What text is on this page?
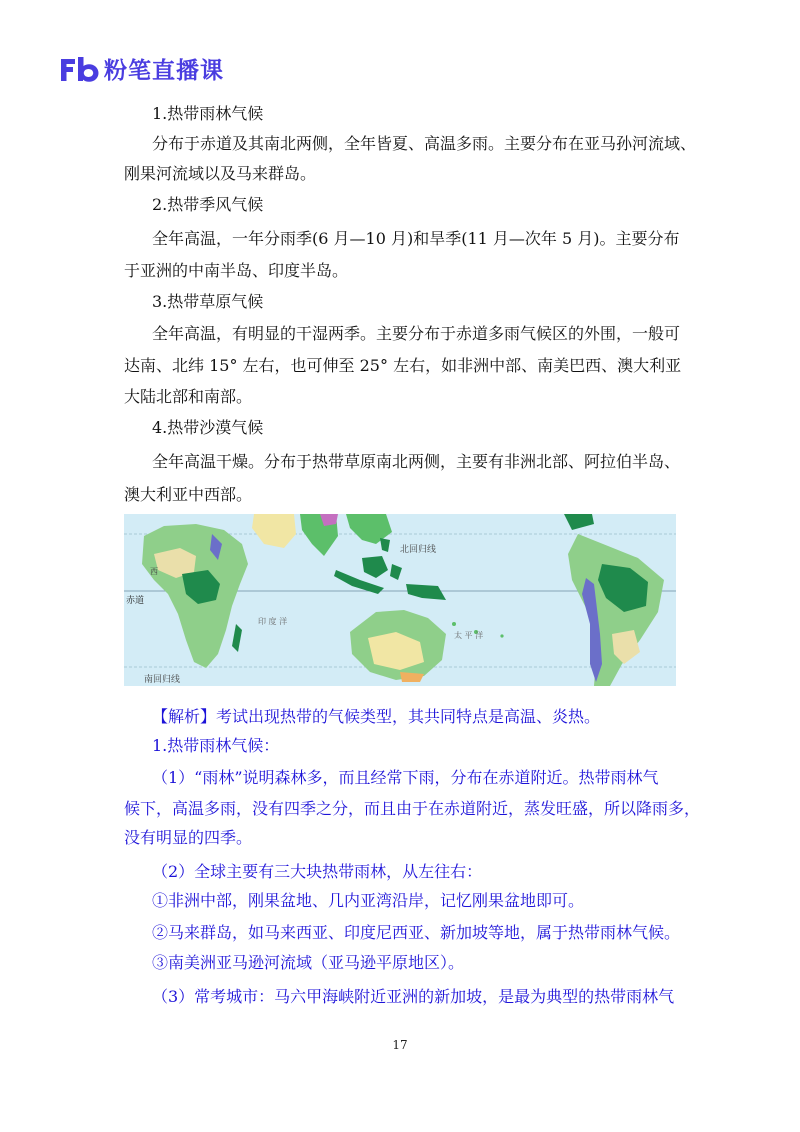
粉笔直播课
1.热带雨林气候
分布于赤道及其南北两侧，全年皆夏、高温多雨。主要分布在亚马孙河流域、
刚果河流域以及马来群岛。
2.热带季风气候
全年高温，一年分雨季(6 月—10 月)和旱季(11 月—次年 5 月)。主要分布
于亚洲的中南半岛、印度半岛。
3.热带草原气候
全年高温，有明显的干湿两季。主要分布于赤道多雨气候区的外围，一般可
达南、北纬 15° 左右，也可伸至 25° 左右，如非洲中部、南美巴西、澳大利亚
大陆北部和南部。
4.热带沙漠气候
全年高温干燥。分布于热带草原南北两侧，主要有非洲北部、阿拉伯半岛、
澳大利亚中西部。
北回归线
赤道
南回归线
印 度 洋
太 平 洋
西
【解析】考试出现热带的气候类型，其共同特点是高温、炎热。
1.热带雨林气候：
（1）“雨林”说明森林多，而且经常下雨，分布在赤道附近。热带雨林气
候下，高温多雨，没有四季之分，而且由于在赤道附近，蒸发旺盛，所以降雨多，
没有明显的四季。
（2）全球主要有三大块热带雨林，从左往右：
①非洲中部，刚果盆地、几内亚湾沿岸，记忆刚果盆地即可。
②马来群岛，如马来西亚、印度尼西亚、新加坡等地，属于热带雨林气候。
③南美洲亚马逊河流域（亚马逊平原地区）。
（3）常考城市：马六甲海峡附近亚洲的新加坡，是最为典型的热带雨林气
17
